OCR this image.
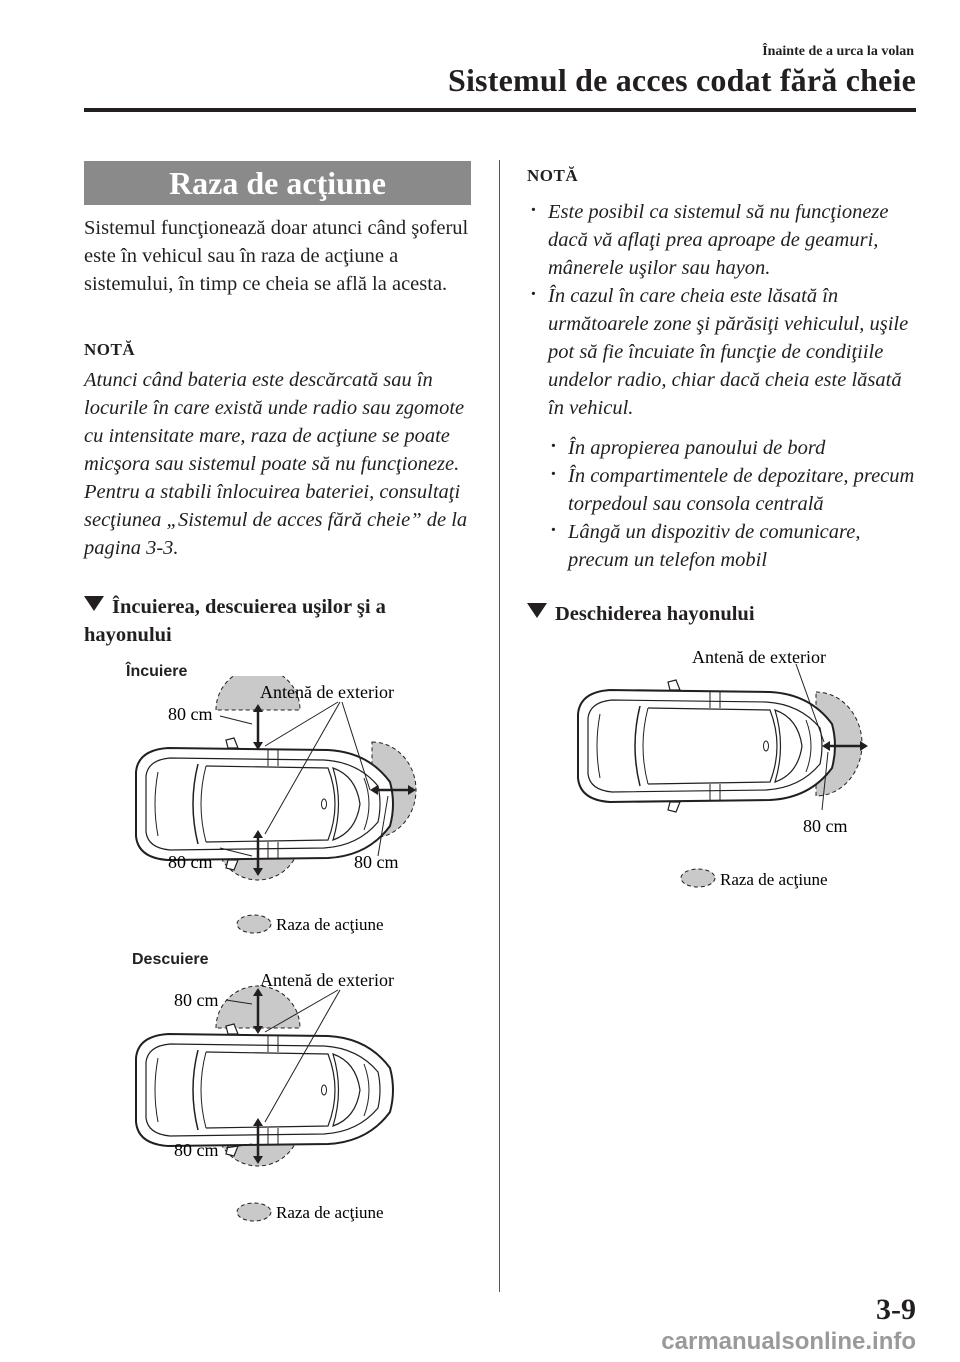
Înainte de a urca la volan
Sistemul de acces codat fără cheie
Raza de acţiune
Sistemul funcţionează doar atunci când şoferul este în vehicul sau în raza de acţiune a sistemului, în timp ce cheia se află la acesta.
NOTĂ
Atunci când bateria este descărcată sau în locurile în care există unde radio sau zgomote cu intensitate mare, raza de acţiune se poate micşora sau sistemul poate să nu funcţioneze. Pentru a stabili înlocuirea bateriei, consultaţi secţiunea „Sistemul de acces fără cheie” de la pagina 3-3.
Încuierea, descuierea uşilor şi a hayonului
Încuiere
Antenă de exterior
80 cm
80 cm	80 cm
Raza de acţiune
Descuiere
Antenă de exterior
80 cm
80 cm
Raza de acţiune
NOTĂ
· Este posibil ca sistemul să nu funcţioneze dacă vă aflaţi prea aproape de geamuri, mânerele uşilor sau hayon.
· În cazul în care cheia este lăsată în următoarele zone şi părăsiţi vehiculul, uşile pot să fie încuiate în funcţie de condiţiile undelor radio, chiar dacă cheia este lăsată în vehicul.
· În apropierea panoului de bord
· În compartimentele de depozitare, precum torpedoul sau consola centrală
· Lângă un dispozitiv de comunicare, precum un telefon mobil
Deschiderea hayonului
Antenă de exterior
80 cm
Raza de acţiune
3-9
carmanualsonline.info
